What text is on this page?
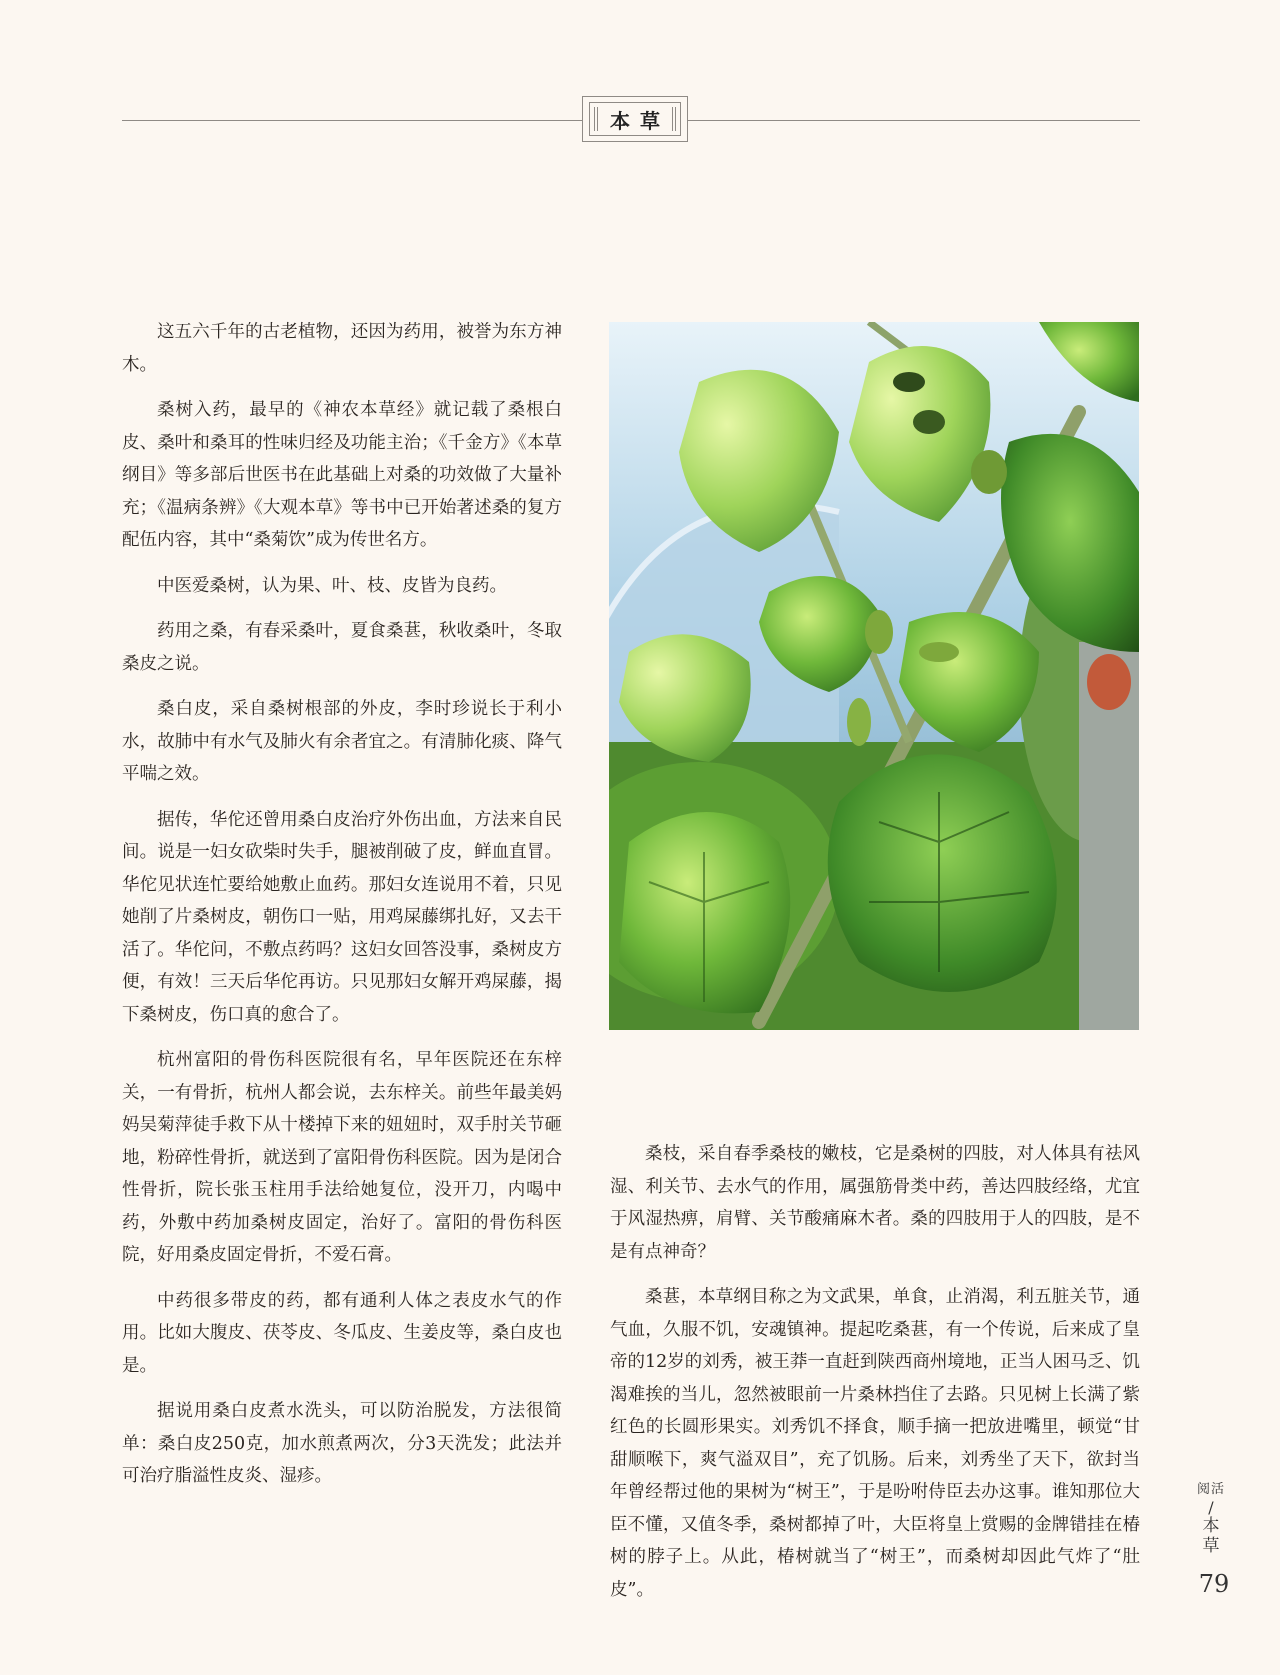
本草

这五六千年的古老植物，还因为药用，被誉为东方神木。

桑树入药，最早的《神农本草经》就记载了桑根白皮、桑叶和桑耳的性味归经及功能主治；《千金方》《本草纲目》等多部后世医书在此基础上对桑的功效做了大量补充；《温病条辨》《大观本草》等书中已开始著述桑的复方配伍内容，其中“桑菊饮”成为传世名方。

中医爱桑树，认为果、叶、枝、皮皆为良药。

药用之桑，有春采桑叶，夏食桑葚，秋收桑叶，冬取桑皮之说。

桑白皮，采自桑树根部的外皮，李时珍说长于利小水，故肺中有水气及肺火有余者宜之。有清肺化痰、降气平喘之效。

据传，华佗还曾用桑白皮治疗外伤出血，方法来自民间。说是一妇女砍柴时失手，腿被削破了皮，鲜血直冒。华佗见状连忙要给她敷止血药。那妇女连说用不着，只见她削了片桑树皮，朝伤口一贴，用鸡屎藤绑扎好，又去干活了。华佗问，不敷点药吗？这妇女回答没事，桑树皮方便，有效！三天后华佗再访。只见那妇女解开鸡屎藤，揭下桑树皮，伤口真的愈合了。

杭州富阳的骨伤科医院很有名，早年医院还在东梓关，一有骨折，杭州人都会说，去东梓关。前些年最美妈妈吴菊萍徒手救下从十楼掉下来的妞妞时，双手肘关节砸地，粉碎性骨折，就送到了富阳骨伤科医院。因为是闭合性骨折，院长张玉柱用手法给她复位，没开刀，内喝中药，外敷中药加桑树皮固定，治好了。富阳的骨伤科医院，好用桑皮固定骨折，不爱石膏。

中药很多带皮的药，都有通利人体之表皮水气的作用。比如大腹皮、茯苓皮、冬瓜皮、生姜皮等，桑白皮也是。

据说用桑白皮煮水洗头，可以防治脱发，方法很简单：桑白皮250克，加水煎煮两次，分3天洗发；此法并可治疗脂溢性皮炎、湿疹。

桑枝，采自春季桑枝的嫩枝，它是桑树的四肢，对人体具有祛风湿、利关节、去水气的作用，属强筋骨类中药，善达四肢经络，尤宜于风湿热痹，肩臂、关节酸痛麻木者。桑的四肢用于人的四肢，是不是有点神奇？

桑葚，本草纲目称之为文武果，单食，止消渴，利五脏关节，通气血，久服不饥，安魂镇神。提起吃桑葚，有一个传说，后来成了皇帝的12岁的刘秀，被王莽一直赶到陕西商州境地，正当人困马乏、饥渴难挨的当儿，忽然被眼前一片桑林挡住了去路。只见树上长满了紫红色的长圆形果实。刘秀饥不择食，顺手摘一把放进嘴里，顿觉“甘甜顺喉下，爽气溢双目”，充了饥肠。后来，刘秀坐了天下，欲封当年曾经帮过他的果树为“树王”，于是吩咐侍臣去办这事。谁知那位大臣不懂，又值冬季，桑树都掉了叶，大臣将皇上赏赐的金牌错挂在椿树的脖子上。从此，椿树就当了“树王”，而桑树却因此气炸了“肚皮”。

阅活
/
本草
79
